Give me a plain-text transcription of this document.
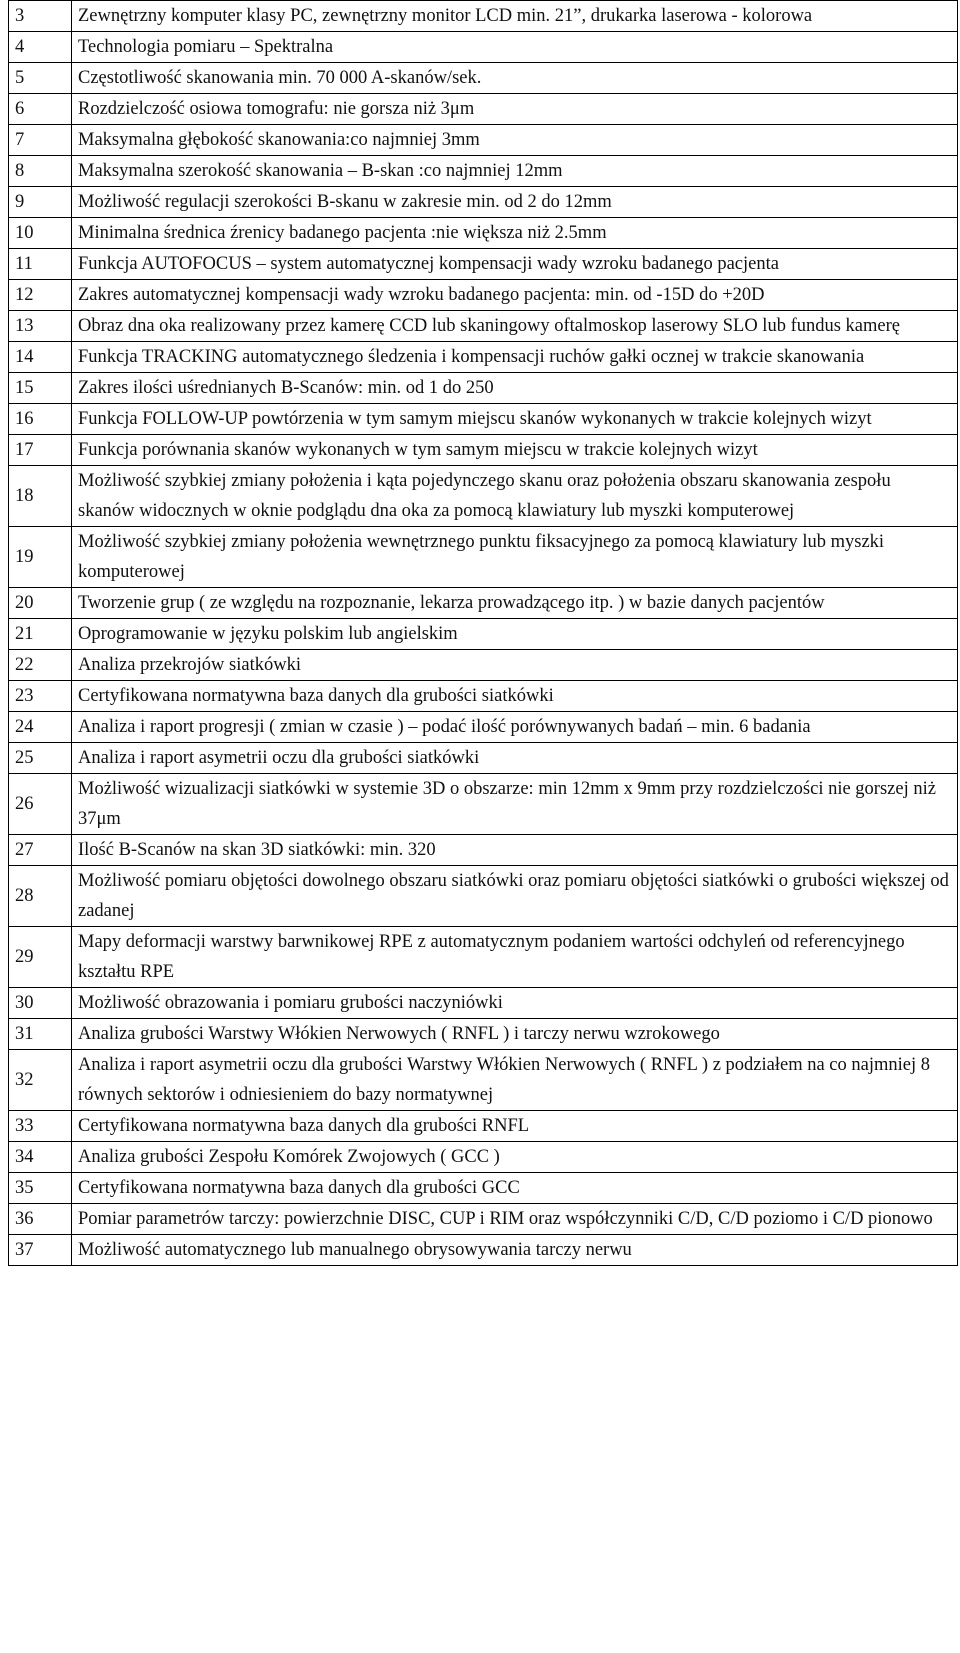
3	Zewnętrzny komputer klasy PC, zewnętrzny monitor LCD min. 21”, drukarka laserowa - kolorowa
4	Technologia pomiaru – Spektralna
5	Częstotliwość skanowania min. 70 000 A-skanów/sek.
6	Rozdzielczość osiowa tomografu: nie gorsza niż 3μm
7	Maksymalna głębokość skanowania:co najmniej 3mm
8	Maksymalna szerokość skanowania – B-skan :co najmniej 12mm
9	Możliwość regulacji szerokości B-skanu w zakresie min. od 2 do 12mm
10	Minimalna średnica źrenicy badanego pacjenta :nie większa niż 2.5mm
11	Funkcja AUTOFOCUS – system automatycznej kompensacji wady wzroku badanego pacjenta
12	Zakres automatycznej kompensacji wady wzroku badanego pacjenta: min. od -15D do +20D
13	Obraz dna oka realizowany przez kamerę CCD lub skaningowy oftalmoskop laserowy SLO lub fundus kamerę
14	Funkcja TRACKING automatycznego śledzenia i kompensacji ruchów gałki ocznej w trakcie skanowania
15	Zakres ilości uśrednianych B-Scanów: min. od 1 do 250
16	Funkcja FOLLOW-UP powtórzenia w tym samym miejscu skanów wykonanych w trakcie kolejnych wizyt
17	Funkcja porównania skanów wykonanych w tym samym miejscu w trakcie kolejnych wizyt
18	Możliwość szybkiej zmiany położenia i kąta pojedynczego skanu oraz położenia obszaru skanowania zespołu skanów widocznych w oknie podglądu dna oka za pomocą klawiatury lub myszki komputerowej
19	Możliwość szybkiej zmiany położenia wewnętrznego punktu fiksacyjnego za pomocą klawiatury lub myszki komputerowej
20	Tworzenie grup ( ze względu na rozpoznanie, lekarza prowadzącego itp. ) w bazie danych pacjentów
21	Oprogramowanie w języku polskim lub angielskim
22	Analiza przekrojów siatkówki
23	Certyfikowana normatywna baza danych dla grubości siatkówki
24	Analiza i raport progresji ( zmian w czasie ) – podać ilość porównywanych badań – min. 6 badania
25	Analiza i raport asymetrii oczu dla grubości siatkówki
26	Możliwość wizualizacji siatkówki w systemie 3D o obszarze: min 12mm x 9mm przy rozdzielczości nie gorszej niż 37μm
27	Ilość B-Scanów na skan 3D siatkówki: min. 320
28	Możliwość pomiaru objętości dowolnego obszaru siatkówki oraz pomiaru objętości siatkówki o grubości większej od zadanej
29	Mapy deformacji warstwy barwnikowej RPE z automatycznym podaniem wartości odchyleń od referencyjnego kształtu RPE
30	Możliwość obrazowania i pomiaru grubości naczyniówki
31	Analiza grubości Warstwy Włókien Nerwowych ( RNFL ) i tarczy nerwu wzrokowego
32	Analiza i raport asymetrii oczu dla grubości Warstwy Włókien Nerwowych ( RNFL ) z podziałem na co najmniej 8 równych sektorów i odniesieniem do bazy normatywnej
33	Certyfikowana normatywna baza danych dla grubości RNFL
34	Analiza grubości Zespołu Komórek Zwojowych ( GCC )
35	Certyfikowana normatywna baza danych dla grubości GCC
36	Pomiar parametrów tarczy: powierzchnie DISC, CUP i RIM oraz współczynniki C/D, C/D poziomo i C/D pionowo
37	Możliwość automatycznego lub manualnego obrysowywania tarczy nerwu
